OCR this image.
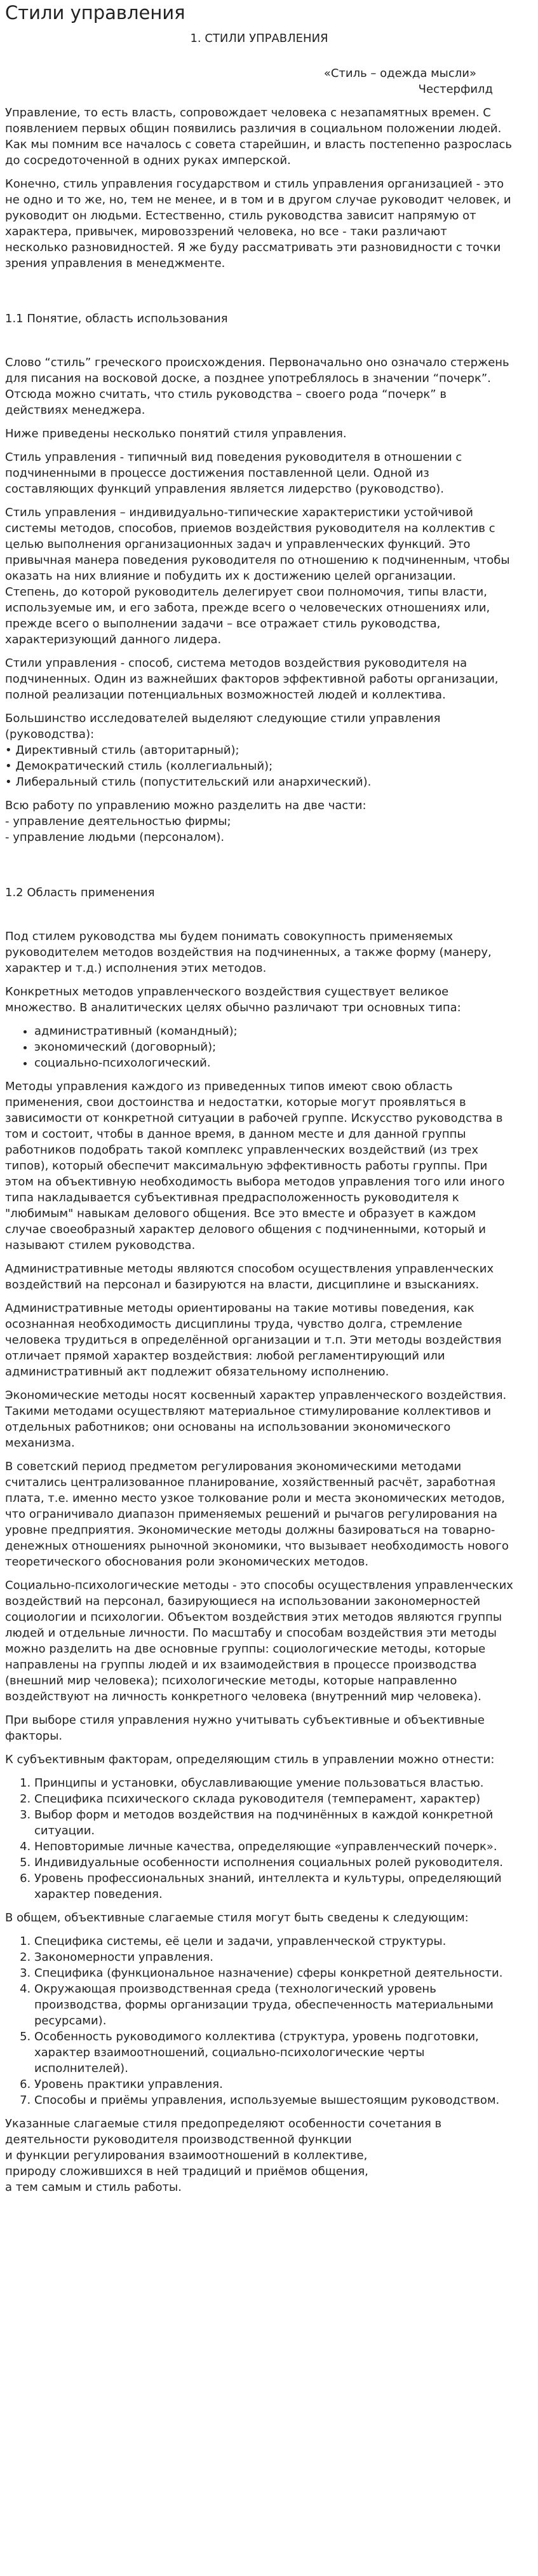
Стили управления
1. СТИЛИ УПРАВЛЕНИЯ

«Стиль – одежда мысли»

Честерфилд

Управление, то есть власть, сопровождает человека с незапамятных времен. С появлением первых общин появились различия в социальном положении людей. Как мы помним все началось с совета старейшин, и власть постепенно разрослась до сосредоточенной в одних руках имперской.

Конечно, стиль управления государством и стиль управления организацией - это не одно и то же, но, тем не менее, и в том и в другом случае руководит человек, и руководит он людьми. Естественно, стиль руководства зависит напрямую от характера, привычек, мировоззрений человека, но все - таки различают несколько разновидностей. Я же буду рассматривать эти разновидности с точки зрения управления в менеджменте.

1.1 Понятие, область использования

Слово “стиль” греческого происхождения. Первоначально оно означало стержень для писания на восковой доске, а позднее употреблялось в значении “почерк”. Отсюда можно считать, что стиль руководства – своего рода “почерк” в действиях менеджера.

Ниже приведены несколько понятий стиля управления.

Стиль управления - типичный вид поведения руководителя в отношении с подчиненными в процессе достижения поставленной цели. Одной из составляющих функций управления является лидерство (руководство).

Стиль управления – индивидуально-типические характеристики устойчивой системы методов, способов, приемов воздействия руководителя на коллектив с целью выполнения организационных задач и управленческих функций. Это привычная манера поведения руководителя по отношению к подчиненным, чтобы оказать на них влияние и побудить их к достижению целей организации. Степень, до которой руководитель делегирует свои полномочия, типы власти, используемые им, и его забота, прежде всего о человеческих отношениях или, прежде всего о выполнении задачи – все отражает стиль руководства, характеризующий данного лидера.

Стили управления - способ, система методов воздействия руководителя на подчиненных. Один из важнейших факторов эффективной работы организации, полной реализации потенциальных возможностей людей и коллектива.

Большинство исследователей выделяют следующие стили управления (руководства):

• Директивный стиль (авторитарный);

• Демократический стиль (коллегиальный);

• Либеральный стиль (попустительский или анархический).

Всю работу по управлению можно разделить на две части:

- управление деятельностью фирмы;

- управление людьми (персоналом).

1.2 Область применения

Под стилем руководства мы будем понимать совокупность применяемых руководителем методов воздействия на подчиненных, а также форму (манеру, характер и т.д.) исполнения этих методов.

Конкретных методов управленческого воздействия существует великое множество. В аналитических целях обычно различают три основных типа:

• административный (командный);
• экономический (договорный);
• социально-психологический.

Методы управления каждого из приведенных типов имеют свою область применения, свои достоинства и недостатки, которые могут проявляться в зависимости от конкретной ситуации в рабочей группе. Искусство руководства в том и состоит, чтобы в данное время, в данном месте и для данной группы работников подобрать такой комплекс управленческих воздействий (из трех типов), который обеспечит максимальную эффективность работы группы. При этом на объективную необходимость выбора методов управления того или иного типа накладывается субъективная предрасположенность руководителя к "любимым" навыкам делового общения. Все это вместе и образует в каждом случае своеобразный характер делового общения с подчиненными, который и называют стилем руководства.

Административные методы являются способом осуществления управленческих воздействий на персонал и базируются на власти, дисциплине и взысканиях.

Административные методы ориентированы на такие мотивы поведения, как осознанная необходимость дисциплины труда, чувство долга, стремление человека трудиться в определённой организации и т.п. Эти методы воздействия отличает прямой характер воздействия: любой регламентирующий или административный акт подлежит обязательному исполнению.

Экономические методы носят косвенный характер управленческого воздействия. Такими методами осуществляют материальное стимулирование коллективов и отдельных работников; они основаны на использовании экономического механизма.

В советский период предметом регулирования экономическими методами считались централизованное планирование, хозяйственный расчёт, заработная плата, т.е. именно место узкое толкование роли и места экономических методов, что ограничивало диапазон применяемых решений и рычагов регулирования на уровне предприятия. Экономические методы должны базироваться на товарно-денежных отношениях рыночной экономики, что вызывает необходимость нового теоретического обоснования роли экономических методов.

Социально-психологические методы - это способы осуществления управленческих воздействий на персонал, базирующиеся на использовании закономерностей социологии и психологии. Объектом воздействия этих методов являются группы людей и отдельные личности. По масштабу и способам воздействия эти методы можно разделить на две основные группы: социологические методы, которые направлены на группы людей и их взаимодействия в процессе производства (внешний мир человека); психологические методы, которые направленно воздействуют на личность конкретного человека (внутренний мир человека).

При выборе стиля управления нужно учитывать субъективные и объективные факторы.

К субъективным факторам, определяющим стиль в управлении можно отнести:

1. Принципы и установки, обуславливающие умение пользоваться властью.
2. Специфика психического склада руководителя (темперамент, характер)
3. Выбор форм и методов воздействия на подчинённых в каждой конкретной ситуации.
4. Неповторимые личные качества, определяющие «управленческий почерк».
5. Индивидуальные особенности исполнения социальных ролей руководителя.
6. Уровень профессиональных знаний, интеллекта и культуры, определяющий характер поведения.

В общем, объективные слагаемые стиля могут быть сведены к следующим:

1. Специфика системы, её цели и задачи, управленческой структуры.
2. Закономерности управления.
3. Специфика (функциональное назначение) сферы конкретной деятельности.
4. Окружающая производственная среда (технологический уровень производства, формы организации труда, обеспеченность материальными ресурсами).
5. Особенность руководимого коллектива (структура, уровень подготовки, характер взаимоотношений, социально-психологические черты исполнителей).
6. Уровень практики управления.
7. Способы и приёмы управления, используемые вышестоящим руководством.

Указанные слагаемые стиля предопределяют особенности сочетания в деятельности руководителя производственной функции

и функции регулирования взаимоотношений в коллективе,

природу сложившихся в ней традиций и приёмов общения,

а тем самым и стиль работы.
